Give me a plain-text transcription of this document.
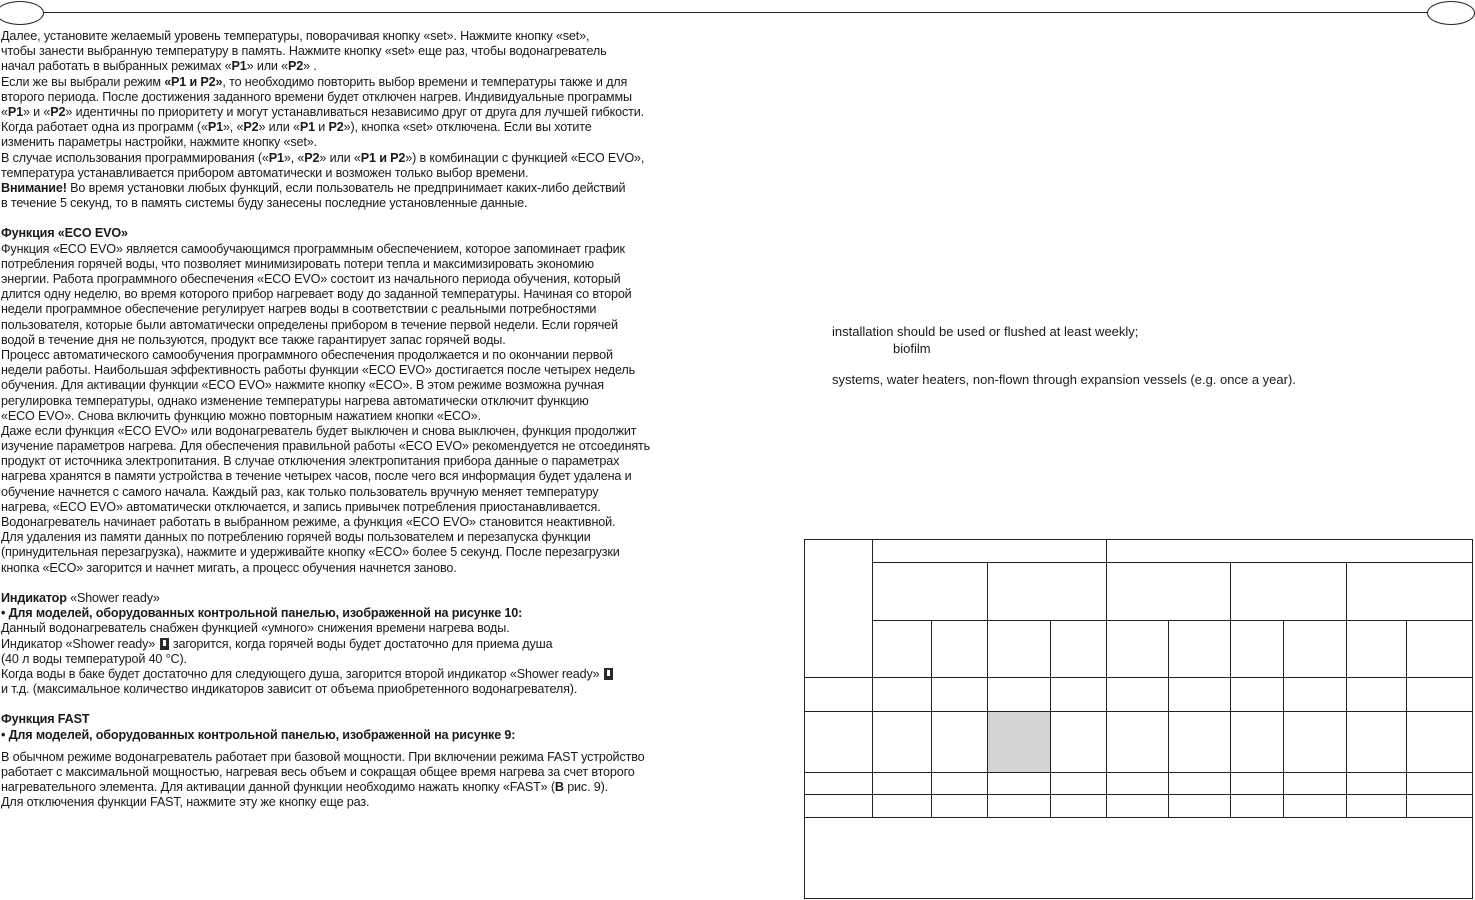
Далее, установите желаемый уровень температуры, поворачивая кнопку «set». Нажмите кнопку «set»,
чтобы занести выбранную температуру в память. Нажмите кнопку «set» еще раз, чтобы водонагреватель
начал работать в выбранных режимах «P1» или «P2» .
Если же вы выбрали режим «P1 и P2», то необходимо повторить выбор времени и температуры также и для
второго периода. После достижения заданного времени будет отключен нагрев. Индивидуальные программы
«P1» и «P2» идентичны по приоритету и могут устанавливаться независимо друг от друга для лучшей гибкости.
Когда работает одна из программ («P1», «P2» или «P1 и P2»), кнопка «set» отключена. Если вы хотите
изменить параметры настройки, нажмите кнопку «set».
В случае использования программирования («P1», «P2» или «P1 и P2») в комбинации с функцией «ECO EVO»,
температура устанавливается прибором автоматически и возможен только выбор времени.
Внимание! Во время установки любых функций, если пользователь не предпринимает каких-либо действий
в течение 5 секунд, то в память системы буду занесены последние установленные данные.
Функция «ECO EVO»
Функция «ECO EVO» является самообучающимся программным обеспечением, которое запоминает график
потребления горячей воды, что позволяет минимизировать потери тепла и максимизировать экономию
энергии. Работа программного обеспечения «ECO EVO» состоит из начального периода обучения, который
длится одну неделю, во время которого прибор нагревает воду до заданной температуры. Начиная со второй
недели программное обеспечение регулирует нагрев воды в соответствии с реальными потребностями
пользователя, которые были автоматически определены прибором в течение первой недели. Если горячей
водой в течение дня не пользуются, продукт все также гарантирует запас горячей воды.
Процесс автоматического самообучения программного обеспечения продолжается и по окончании первой
недели работы. Наибольшая эффективность работы функции «ECO EVO» достигается после четырех недель
обучения. Для активации функции «ECO EVO» нажмите кнопку «ECO». В этом режиме возможна ручная
регулировка температуры, однако изменение температуры нагрева автоматически отключит функцию
«ECO EVO». Снова включить функцию можно повторным нажатием кнопки «ECO».
Даже если функция «ECO EVO» или водонагреватель будет выключен и снова выключен, функция продолжит
изучение параметров нагрева. Для обеспечения правильной работы «ECO EVO» рекомендуется не отсоединять
продукт от источника электропитания. В случае отключения электропитания прибора данные о параметрах
нагрева хранятся в памяти устройства в течение четырех часов, после чего вся информация будет удалена и
обучение начнется с самого начала. Каждый раз, как только пользователь вручную меняет температуру
нагрева, «ECO EVO» автоматически отключается, и запись привычек потребления приостанавливается.
Водонагреватель начинает работать в выбранном режиме, а функция «ECO EVO» становится неактивной.
Для удаления из памяти данных по потреблению горячей воды пользователем и перезапуска функции
(принудительная перезагрузка), нажмите и удерживайте кнопку «ECO» более 5 секунд. После перезагрузки
кнопка «ECO» загорится и начнет мигать, а процесс обучения начнется заново.
Индикатор «Shower ready»
• Для моделей, оборудованных контрольной панелью, изображенной на рисунке 10:
Данный водонагреватель снабжен функцией «умного» снижения времени нагрева воды.
Индикатор «Shower ready»  загорится, когда горячей воды будет достаточно для приема душа
(40 л воды температурой 40 °С).
Когда воды в баке будет достаточно для следующего душа, загорится второй индикатор «Shower ready»
и т.д. (максимальное количество индикаторов зависит от объема приобретенного водонагревателя).
Функция FAST
• Для моделей, оборудованных контрольной панелью, изображенной на рисунке 9:
В обычном режиме водонагреватель работает при базовой мощности. При включении режима FAST устройство
работает с максимальной мощностью, нагревая весь объем и сокращая общее время нагрева за счет второго
нагревательного элемента. Для активации данной функции необходимо нажать кнопку «FAST» (B рис. 9).
Для отключения функции FAST, нажмите эту же кнопку еще раз.
installation should be used or flushed at least weekly;
biofilm
systems, water heaters, non-flown through expansion vessels (e.g. once a year).
